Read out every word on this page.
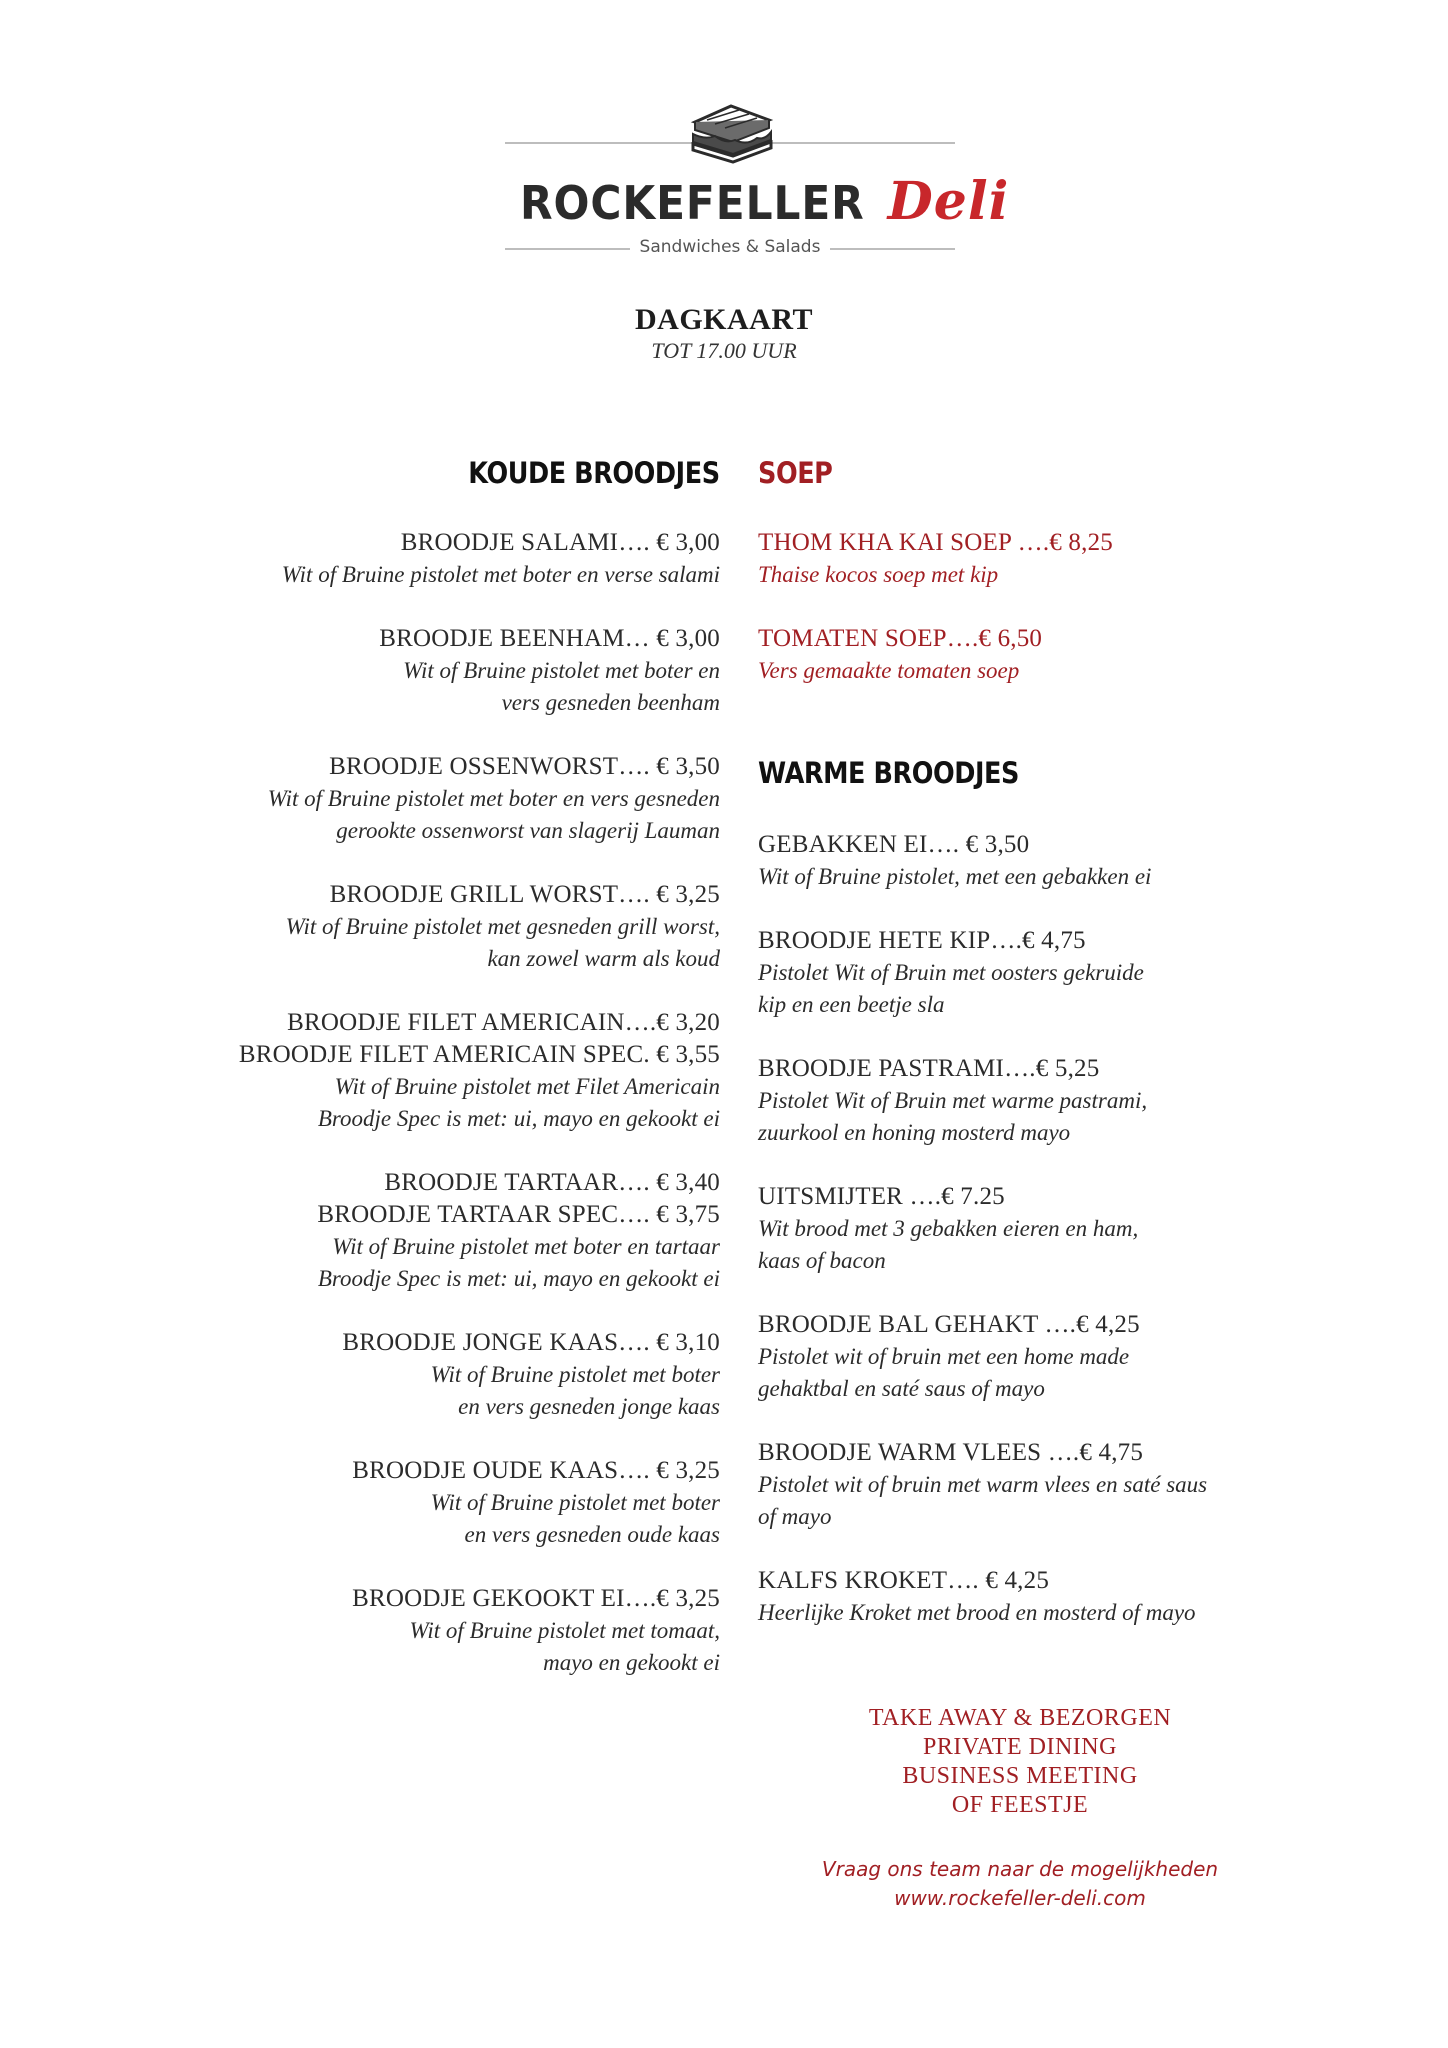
ROCKEFELLER Deli
Sandwiches & Salads
DAGKAART
TOT 17.00 UUR
KOUDE BROODJES
BROODJE SALAMI…. € 3,00
Wit of Bruine pistolet met boter en verse salami
BROODJE BEENHAM… € 3,00
Wit of Bruine pistolet met boter en
vers gesneden beenham
BROODJE OSSENWORST…. € 3,50
Wit of Bruine pistolet met boter en vers gesneden
gerookte ossenworst van slagerij Lauman
BROODJE GRILL WORST…. € 3,25
Wit of Bruine pistolet met gesneden grill worst,
kan zowel warm als koud
BROODJE FILET AMERICAIN….€ 3,20
BROODJE FILET AMERICAIN SPEC. € 3,55
Wit of Bruine pistolet met Filet Americain
Broodje Spec is met: ui, mayo en gekookt ei
BROODJE TARTAAR…. € 3,40
BROODJE TARTAAR SPEC…. € 3,75
Wit of Bruine pistolet met boter en tartaar
Broodje Spec is met: ui, mayo en gekookt ei
BROODJE JONGE KAAS…. € 3,10
Wit of Bruine pistolet met boter
en vers gesneden jonge kaas
BROODJE OUDE KAAS…. € 3,25
Wit of Bruine pistolet met boter
en vers gesneden oude kaas
BROODJE GEKOOKT EI….€ 3,25
Wit of Bruine pistolet met tomaat,
mayo en gekookt ei
SOEP
THOM KHA KAI SOEP ….€ 8,25
Thaise kocos soep met kip
TOMATEN SOEP….€ 6,50
Vers gemaakte tomaten soep
WARME BROODJES
GEBAKKEN EI…. € 3,50
Wit of Bruine pistolet, met een gebakken ei
BROODJE HETE KIP….€ 4,75
Pistolet Wit of Bruin met oosters gekruide
kip en een beetje sla
BROODJE PASTRAMI….€ 5,25
Pistolet Wit of Bruin met warme pastrami,
zuurkool en honing mosterd mayo
UITSMIJTER ….€ 7.25
Wit brood met 3 gebakken eieren en ham,
kaas of bacon
BROODJE BAL GEHAKT ….€ 4,25
Pistolet wit of bruin met een home made
gehaktbal en saté saus of mayo
BROODJE WARM VLEES ….€ 4,75
Pistolet wit of bruin met warm vlees en saté saus
of mayo
KALFS KROKET…. € 4,25
Heerlijke Kroket met brood en mosterd of mayo
TAKE AWAY & BEZORGEN
PRIVATE DINING
BUSINESS MEETING
OF FEESTJE
Vraag ons team naar de mogelijkheden
www.rockefeller-deli.com
